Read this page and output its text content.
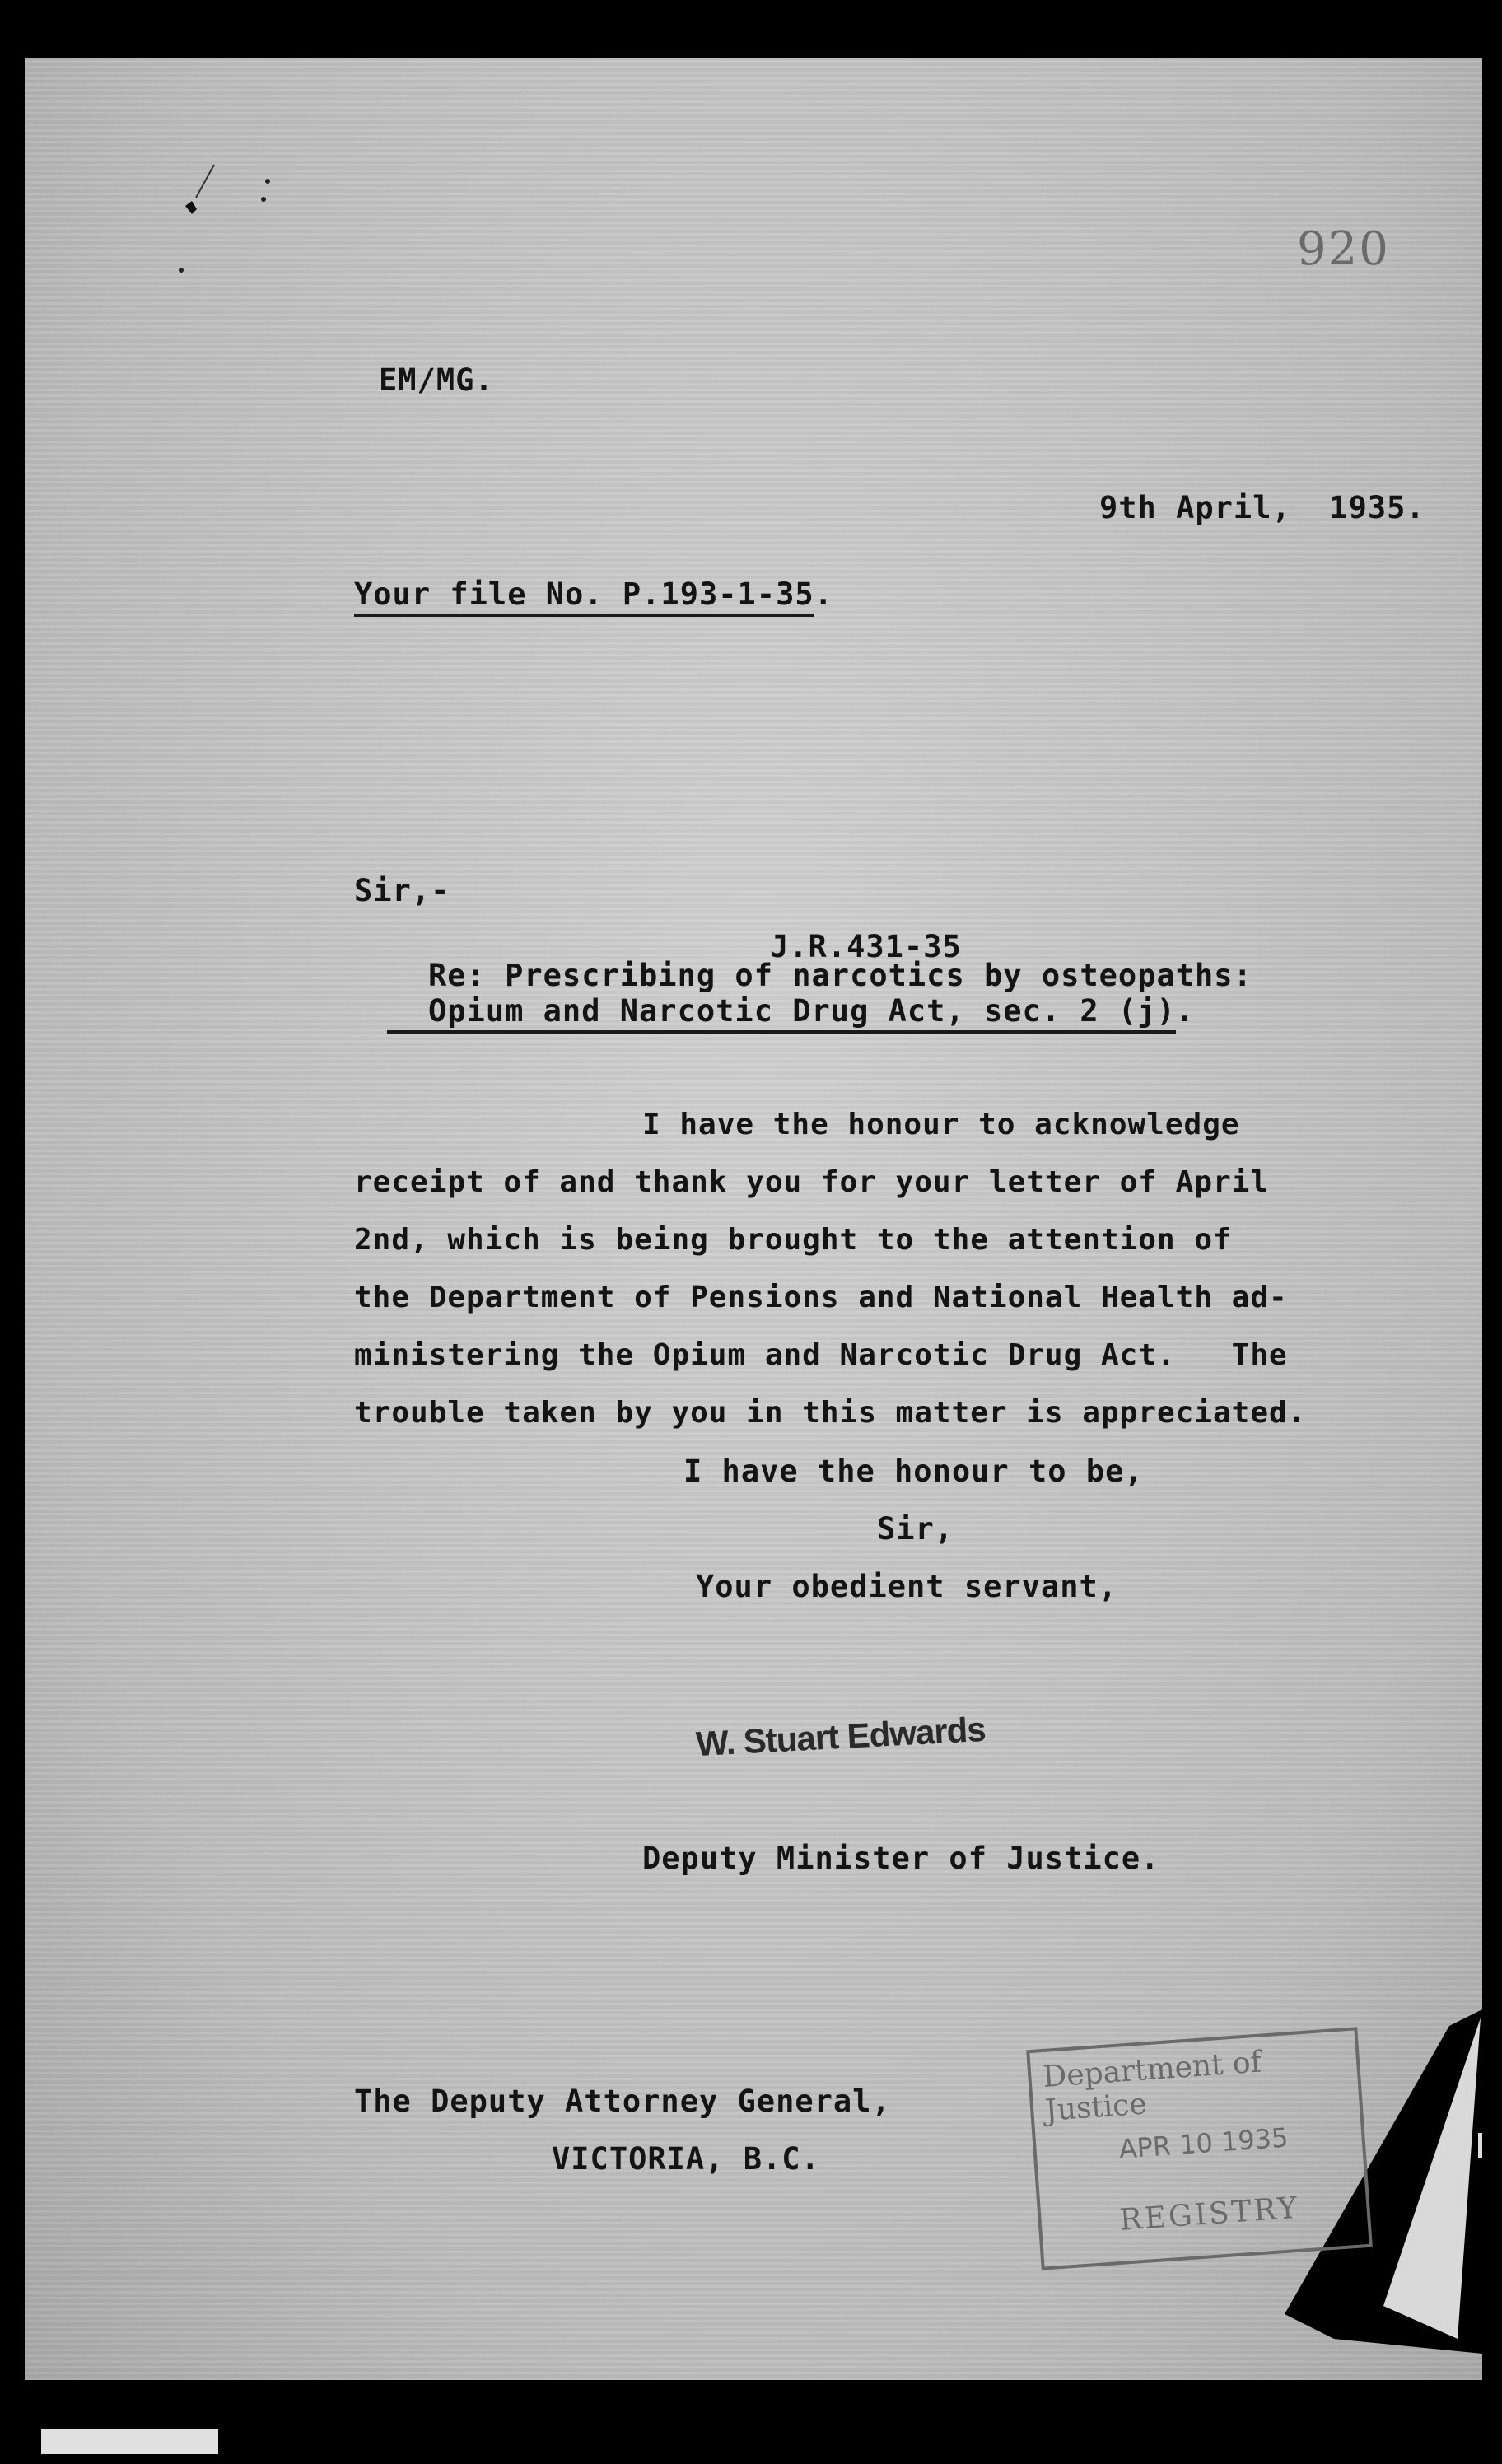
920
EM/MG.
9th April,  1935.
Your file No. P.193-1-35.
Sir,-
J.R.431-35
Re: Prescribing of narcotics by osteopaths:
Opium and Narcotic Drug Act, sec. 2 (j).
I have the honour to acknowledge
receipt of and thank you for your letter of April
2nd, which is being brought to the attention of
the Department of Pensions and National Health ad-
ministering the Opium and Narcotic Drug Act.   The
trouble taken by you in this matter is appreciated.
I have the honour to be,
Sir,
Your obedient servant,
W. Stuart Edwards
Deputy Minister of Justice.
The Deputy Attorney General,
VICTORIA, B.C.
Department of Justice
APR 10 1935
REGISTRY
